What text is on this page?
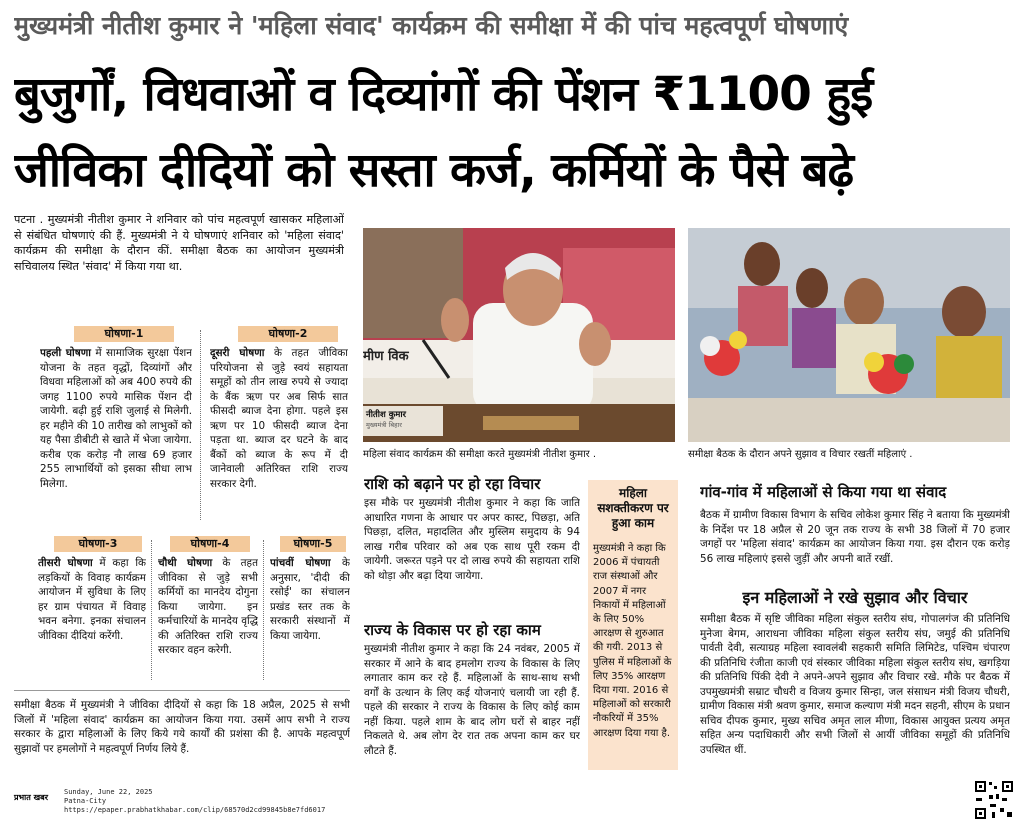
मुख्यमंत्री नीतीश कुमार ने 'महिला संवाद' कार्यक्रम की समीक्षा में की पांच महत्वपूर्ण घोषणाएं
बुजुर्गों, विधवाओं व दिव्यांगों की पेंशन ₹1100 हुई
जीविका दीदियों को सस्ता कर्ज, कर्मियों के पैसे बढ़े
पटना . मुख्यमंत्री नीतीश कुमार ने शनिवार को पांच महत्वपूर्ण खासकर महिलाओं से संबंधित घोषणाएं की हैं. मुख्यमंत्री ने ये घोषणाएं शनिवार को 'महिला संवाद' कार्यक्रम की समीक्षा के दौरान कीं. समीक्षा बैठक का आयोजन मुख्यमंत्री सचिवालय स्थित 'संवाद' में किया गया था.
घोषणा-1
पहली घोषणा में सामाजिक सुरक्षा पेंशन योजना के तहत वृद्धों, दिव्यांगों और विधवा महिलाओं को अब 400 रुपये की जगह 1100 रुपये मासिक पेंशन दी जायेगी. बढ़ी हुई राशि जुलाई से मिलेगी. हर महीने की 10 तारीख को लाभुकों को यह पैसा डीबीटी से खाते में भेजा जायेगा. करीब एक करोड़ नौ लाख 69 हजार 255 लाभार्थियों को इसका सीधा लाभ मिलेगा.
घोषणा-2
दूसरी घोषणा के तहत जीविका परियोजना से जुड़े स्वयं सहायता समूहों को तीन लाख रुपये से ज्यादा के बैंक ऋण पर अब सिर्फ सात फीसदी ब्याज देना होगा. पहले इस ऋण पर 10 फीसदी ब्याज देना पड़ता था. ब्याज दर घटने के बाद बैंकों को ब्याज के रूप में दी जानेवाली अतिरिक्त राशि राज्य सरकार देगी.
घोषणा-3
तीसरी घोषणा में कहा कि लड़कियों के विवाह कार्यक्रम आयोजन में सुविधा के लिए हर ग्राम पंचायत में विवाह भवन बनेगा. इनका संचालन जीविका दीदियां करेंगी.
घोषणा-4
चौथी घोषणा के तहत जीविका से जुड़े सभी कर्मियों का मानदेय दोगुना किया जायेगा. इन कर्मचारियों के मानदेय वृद्धि की अतिरिक्त राशि राज्य सरकार वहन करेगी.
घोषणा-5
पांचवीं घोषणा के अनुसार, 'दीदी की रसोई' का संचालन प्रखंड स्तर तक के सरकारी संस्थानों में किया जायेगा.
समीक्षा बैठक में मुख्यमंत्री ने जीविका दीदियों से कहा कि 18 अप्रैल, 2025 से सभी जिलों में 'महिला संवाद' कार्यक्रम का आयोजन किया गया. उसमें आप सभी ने राज्य सरकार के द्वारा महिलाओं के लिए किये गये कार्यों की प्रशंसा की है. आपके महत्वपूर्ण सुझावों पर हमलोगों ने महत्वपूर्ण निर्णय लिये हैं.
मीण विक
नीतीश कुमार
मुख्यमंत्री बिहार
महिला संवाद कार्यक्रम की समीक्षा करते मुख्यमंत्री नीतीश कुमार .	समीक्षा बैठक के दौरान अपने सुझाव व विचार रखतीं महिलाएं .
राशि को बढ़ाने पर हो रहा विचार
इस मौके पर मुख्यमंत्री नीतीश कुमार ने कहा कि जाति आधारित गणना के आधार पर अपर कास्ट, पिछड़ा, अति पिछड़ा, दलित, महादलित और मुस्लिम समुदाय के 94 लाख गरीब परिवार को अब एक साथ पूरी रकम दी जायेगी. जरूरत पड़ने पर दो लाख रुपये की सहायता राशि को थोड़ा और बढ़ा दिया जायेगा.
राज्य के विकास पर हो रहा काम
मुख्यमंत्री नीतीश कुमार ने कहा कि 24 नवंबर, 2005 में सरकार में आने के बाद हमलोग राज्य के विकास के लिए लगातार काम कर रहे हैं. महिलाओं के साथ-साथ सभी वर्गों के उत्थान के लिए कई योजनाएं चलायी जा रही हैं. पहले की सरकार ने राज्य के विकास के लिए कोई काम नहीं किया. पहले शाम के बाद लोग घरों से बाहर नहीं निकलते थे. अब लोग देर रात तक अपना काम कर घर लौटते हैं.
महिला सशक्तीकरण पर हुआ काम
मुख्यमंत्री ने कहा कि 2006 में पंचायती राज संस्थाओं और 2007 में नगर निकायों में महिलाओं के लिए 50% आरक्षण से शुरुआत की गयी. 2013 से पुलिस में महिलाओं के लिए 35% आरक्षण दिया गया. 2016 से महिलाओं को सरकारी नौकरियों में 35% आरक्षण दिया गया है.
गांव-गांव में महिलाओं से किया गया था संवाद
बैठक में ग्रामीण विकास विभाग के सचिव लोकेश कुमार सिंह ने बताया कि मुख्यमंत्री के निर्देश पर 18 अप्रैल से 20 जून तक राज्य के सभी 38 जिलों में 70 हजार जगहों पर 'महिला संवाद' कार्यक्रम का आयोजन किया गया. इस दौरान एक करोड़ 56 लाख महिलाएं इससे जुड़ीं और अपनी बातें रखीं.
इन महिलाओं ने रखे सुझाव और विचार
समीक्षा बैठक में सृष्टि जीविका महिला संकुल स्तरीय संघ, गोपालगंज की प्रतिनिधि मुनेजा बेगम, आराधना जीविका महिला संकुल स्तरीय संघ, जमुई की प्रतिनिधि पार्वती देवी, सत्याग्रह महिला स्वावलंबी सहकारी समिति लिमिटेड, पश्चिम चंपारण की प्रतिनिधि रंजीता काजी एवं संस्कार जीविका महिला संकुल स्तरीय संघ, खगड़िया की प्रतिनिधि पिंकी देवी ने अपने-अपने सुझाव और विचार रखे. मौके पर बैठक में उपमुख्यमंत्री सम्राट चौधरी व विजय कुमार सिन्हा, जल संसाधन मंत्री विजय चौधरी, ग्रामीण विकास मंत्री श्रवण कुमार, समाज कल्याण मंत्री मदन सहनी, सीएम के प्रधान सचिव दीपक कुमार, मुख्य सचिव अमृत लाल मीणा, विकास आयुक्त प्रत्यय अमृत सहित अन्य पदाधिकारी और सभी जिलों से आयीं जीविका समूहों की प्रतिनिधि उपस्थित थीं.
प्रभात खबर
Sunday, June 22, 2025
Patna-City
https://epaper.prabhatkhabar.com/clip/68570d2cd99845b8e7fd6017
